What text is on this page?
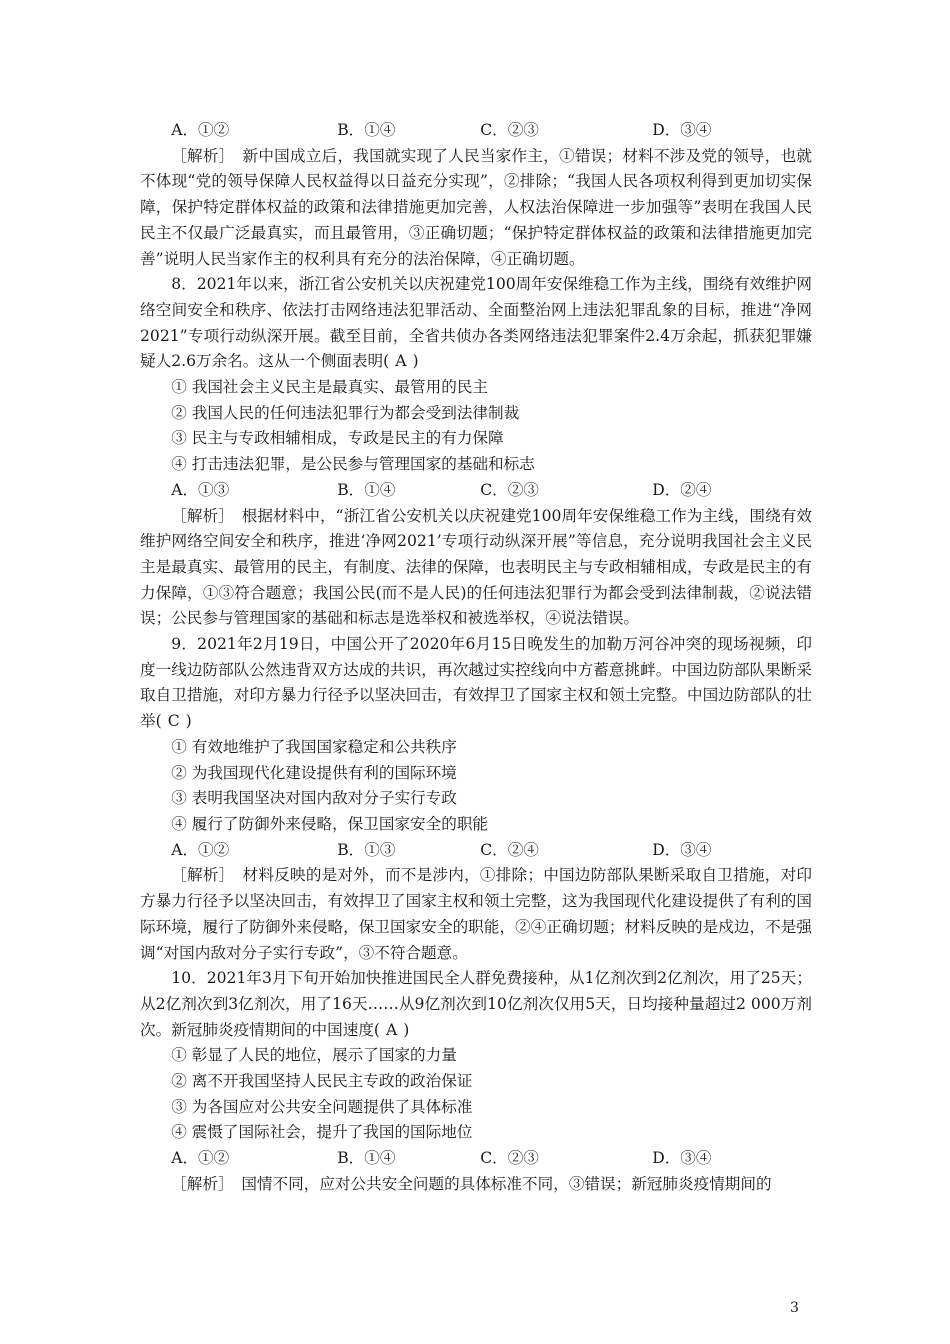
A．①②	B．①④	C．②③	D．③④

［解析］　新中国成立后，我国就实现了人民当家作主，①错误；材料不涉及党的领导，也就不体现“党的领导保障人民权益得以日益充分实现”，②排除；“我国人民各项权利得到更加切实保障，保护特定群体权益的政策和法律措施更加完善，人权法治保障进一步加强等”表明在我国人民民主不仅最广泛最真实，而且最管用，③正确切题；“保护特定群体权益的政策和法律措施更加完善”说明人民当家作主的权利具有充分的法治保障，④正确切题。

8．2021年以来，浙江省公安机关以庆祝建党100周年安保维稳工作为主线，围绕有效维护网络空间安全和秩序、依法打击网络违法犯罪活动、全面整治网上违法犯罪乱象的目标，推进“净网2021”专项行动纵深开展。截至目前，全省共侦办各类网络违法犯罪案件2.4万余起，抓获犯罪嫌疑人2.6万余名。这从一个侧面表明( A )

① 我国社会主义民主是最真实、最管用的民主

② 我国人民的任何违法犯罪行为都会受到法律制裁

③ 民主与专政相辅相成，专政是民主的有力保障

④ 打击违法犯罪，是公民参与管理国家的基础和标志

A．①③	B．①④	C．②③	D．②④

［解析］　根据材料中，“浙江省公安机关以庆祝建党100周年安保维稳工作为主线，围绕有效维护网络空间安全和秩序，推进‘净网2021’专项行动纵深开展”等信息，充分说明我国社会主义民主是最真实、最管用的民主，有制度、法律的保障，也表明民主与专政相辅相成，专政是民主的有力保障，①③符合题意；我国公民(而不是人民)的任何违法犯罪行为都会受到法律制裁，②说法错误；公民参与管理国家的基础和标志是选举权和被选举权，④说法错误。

9．2021年2月19日，中国公开了2020年6月15日晚发生的加勒万河谷冲突的现场视频，印度一线边防部队公然违背双方达成的共识，再次越过实控线向中方蓄意挑衅。中国边防部队果断采取自卫措施，对印方暴力行径予以坚决回击，有效捍卫了国家主权和领土完整。中国边防部队的壮举( C )

① 有效地维护了我国国家稳定和公共秩序

② 为我国现代化建设提供有利的国际环境

③ 表明我国坚决对国内敌对分子实行专政

④ 履行了防御外来侵略，保卫国家安全的职能

A．①②	B．①③	C．②④	D．③④

［解析］　材料反映的是对外，而不是涉内，①排除；中国边防部队果断采取自卫措施，对印方暴力行径予以坚决回击，有效捍卫了国家主权和领土完整，这为我国现代化建设提供了有利的国际环境，履行了防御外来侵略，保卫国家安全的职能，②④正确切题；材料反映的是戍边，不是强调“对国内敌对分子实行专政”，③不符合题意。

10．2021年3月下旬开始加快推进国民全人群免费接种，从1亿剂次到2亿剂次，用了25天；从2亿剂次到3亿剂次，用了16天……从9亿剂次到10亿剂次仅用5天，日均接种量超过2 000万剂次。新冠肺炎疫情期间的中国速度( A )

① 彰显了人民的地位，展示了国家的力量

② 离不开我国坚持人民民主专政的政治保证

③ 为各国应对公共安全问题提供了具体标准

④ 震慑了国际社会，提升了我国的国际地位

A．①②	B．①④	C．②③	D．③④

［解析］　国情不同，应对公共安全问题的具体标准不同，③错误；新冠肺炎疫情期间的

3
